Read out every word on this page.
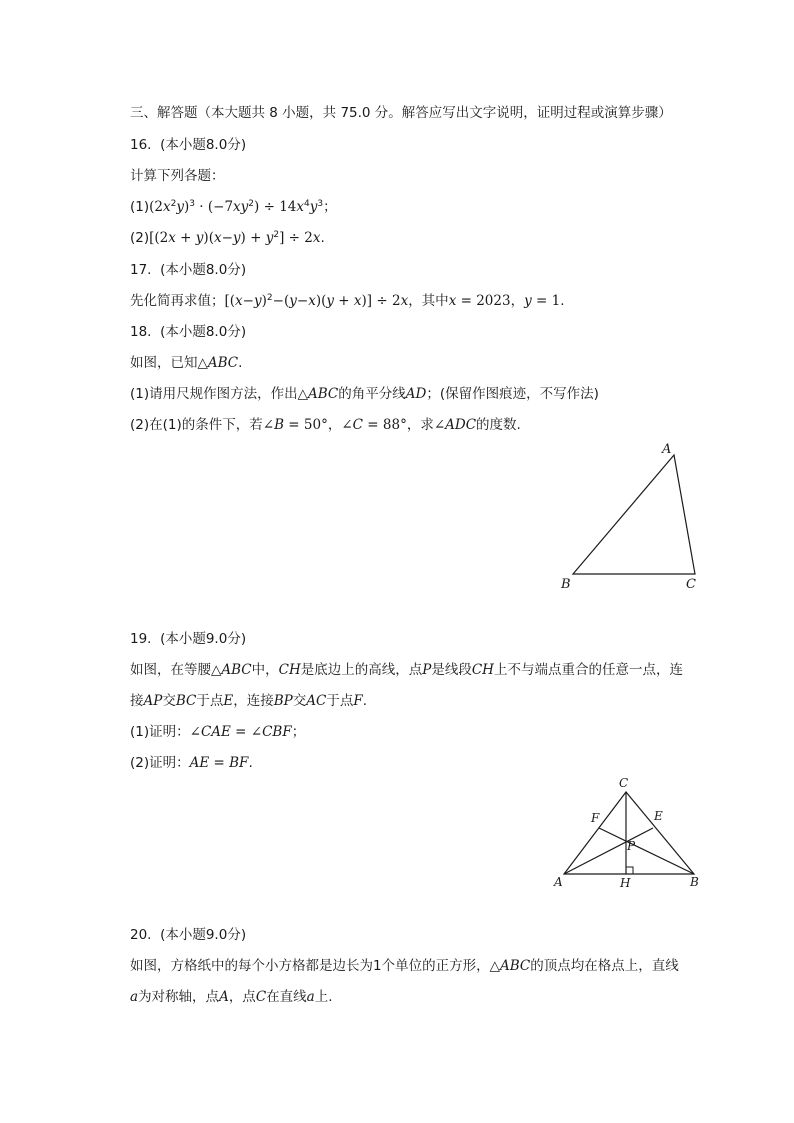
三、解答题（本大题共 8 小题，共 75.0 分。解答应写出文字说明，证明过程或演算步骤）
16. (本小题8.0分)
计算下列各题：
$(1)(2x^2y)^3 \cdot (-7xy^2) \div 14x^4y^3$；
$(2)[(2x + y)(x-y) + y^2] \div 2x$.
17. (本小题8.0分)
先化简再求值；$[(x-y)^2-(y-x)(y + x)] \div 2x$，其中x = 2023，y = 1.
18. (本小题8.0分)
如图，已知△ABC.
(1)请用尺规作图方法，作出△ABC的角平分线AD；(保留作图痕迹，不写作法)
(2)在(1)的条件下，若∠B = 50°，∠C = 88°，求∠ADC的度数.
A
B	C
19. (本小题9.0分)
如图，在等腰△ABC中，CH是底边上的高线，点P是线段CH上不与端点重合的任意一点，连
接AP交BC于点E，连接BP交AC于点F.
(1)证明：∠CAE = ∠CBF；
(2)证明：AE = BF.
C
F	E
P
A	H	B
20. (本小题9.0分)
如图，方格纸中的每个小方格都是边长为1个单位的正方形，△ABC的顶点均在格点上，直线
a为对称轴，点A，点C在直线a上.
